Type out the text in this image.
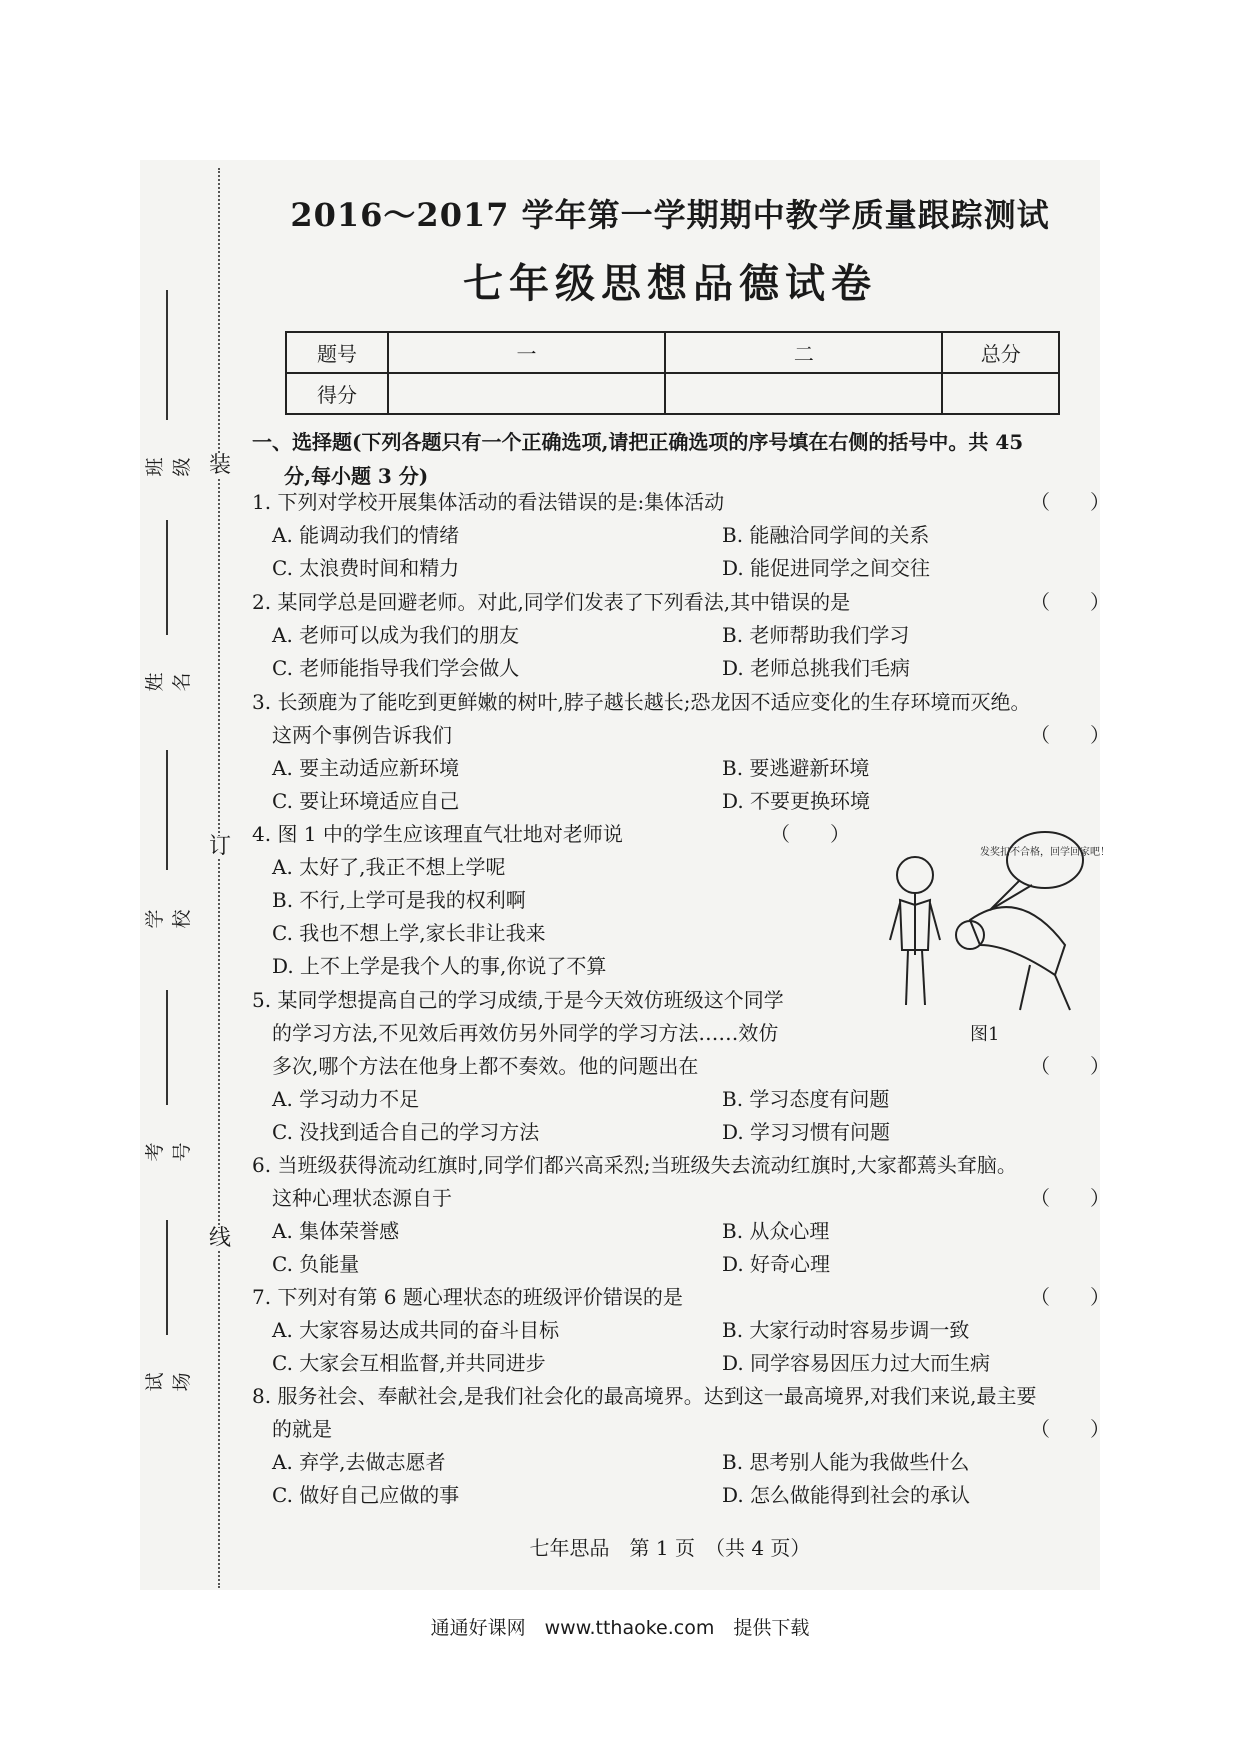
装
订
线
班级
姓名
学校
考号
试场
2016～2017 学年第一学期期中教学质量跟踪测试
七年级思想品德试卷
题号	一	二	总分
得分			
一、选择题(下列各题只有一个正确选项,请把正确选项的序号填在右侧的括号中。共 45
分,每小题 3 分)
1. 下列对学校开展集体活动的看法错误的是:集体活动	（　　）
A. 能调动我们的情绪	B. 能融洽同学间的关系
C. 太浪费时间和精力	D. 能促进同学之间交往
2. 某同学总是回避老师。对此,同学们发表了下列看法,其中错误的是	（　　）
A. 老师可以成为我们的朋友	B. 老师帮助我们学习
C. 老师能指导我们学会做人	D. 老师总挑我们毛病
3. 长颈鹿为了能吃到更鲜嫩的树叶,脖子越长越长;恐龙因不适应变化的生存环境而灭绝。
这两个事例告诉我们	（　　）
A. 要主动适应新环境	B. 要逃避新环境
C. 要让环境适应自己	D. 不要更换环境
4. 图 1 中的学生应该理直气壮地对老师说	（　　）
A. 太好了,我正不想上学呢
B. 不行,上学可是我的权利啊
C. 我也不想上学,家长非让我来
D. 上不上学是我个人的事,你说了不算
发奖扣不合格，回学回家吧！
图1
5. 某同学想提高自己的学习成绩,于是今天效仿班级这个同学
的学习方法,不见效后再效仿另外同学的学习方法……效仿
多次,哪个方法在他身上都不奏效。他的问题出在	（　　）
A. 学习动力不足	B. 学习态度有问题
C. 没找到适合自己的学习方法	D. 学习习惯有问题
6. 当班级获得流动红旗时,同学们都兴高采烈;当班级失去流动红旗时,大家都蔫头耷脑。
这种心理状态源自于	（　　）
A. 集体荣誉感	B. 从众心理
C. 负能量	D. 好奇心理
7. 下列对有第 6 题心理状态的班级评价错误的是	（　　）
A. 大家容易达成共同的奋斗目标	B. 大家行动时容易步调一致
C. 大家会互相监督,并共同进步	D. 同学容易因压力过大而生病
8. 服务社会、奉献社会,是我们社会化的最高境界。达到这一最高境界,对我们来说,最主要
的就是	（　　）
A. 弃学,去做志愿者	B. 思考别人能为我做些什么
C. 做好自己应做的事	D. 怎么做能得到社会的承认
七年思品　第 1 页　（共 4 页）
通通好课网　www.tthaoke.com　提供下载
